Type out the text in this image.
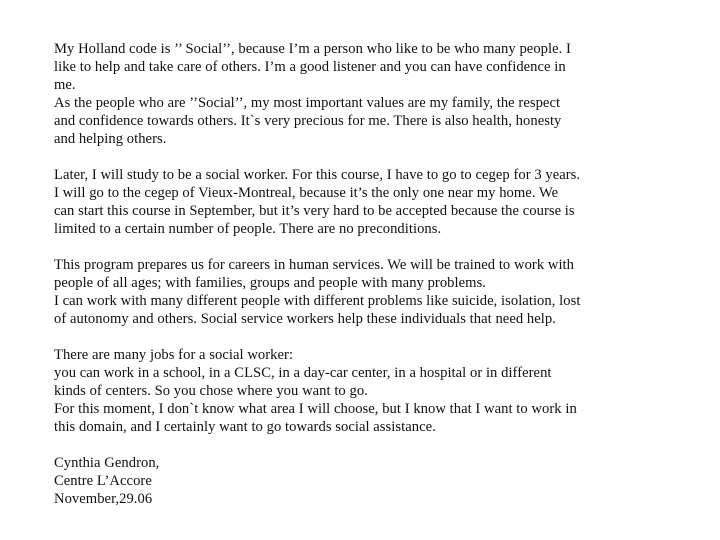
My Holland code is ’’ Social’’, because I’m a person who like to be who many people. I
like to help and take care of others. I’m a good listener and you can have confidence in
me.
As the people who are ’’Social’’, my most important values are my family, the respect
and confidence towards others. It`s very precious for me. There is also health, honesty
and helping others.
Later, I will study to be a social worker. For this course, I have to go to cegep for 3 years.
I will go to the cegep of Vieux-Montreal, because it’s the only one near my home. We
can start this course in September, but it’s very hard to be accepted because the course is
limited to a certain number of people. There are no preconditions.
This program prepares us for careers in human services. We will be trained to work with
people of all ages; with families, groups and people with many problems.
I can work with many different people with different problems like suicide, isolation, lost
of autonomy and others. Social service workers help these individuals that need help.
There are many jobs for a social worker:
you can work in a school, in a CLSC, in a day-car center, in a hospital or in different
kinds of centers. So you chose where you want to go.
For this moment, I don`t know what area I will choose, but I know that I want to work in
this domain, and I certainly want to go towards social assistance.
Cynthia Gendron,
Centre L’Accore
November,29.06
